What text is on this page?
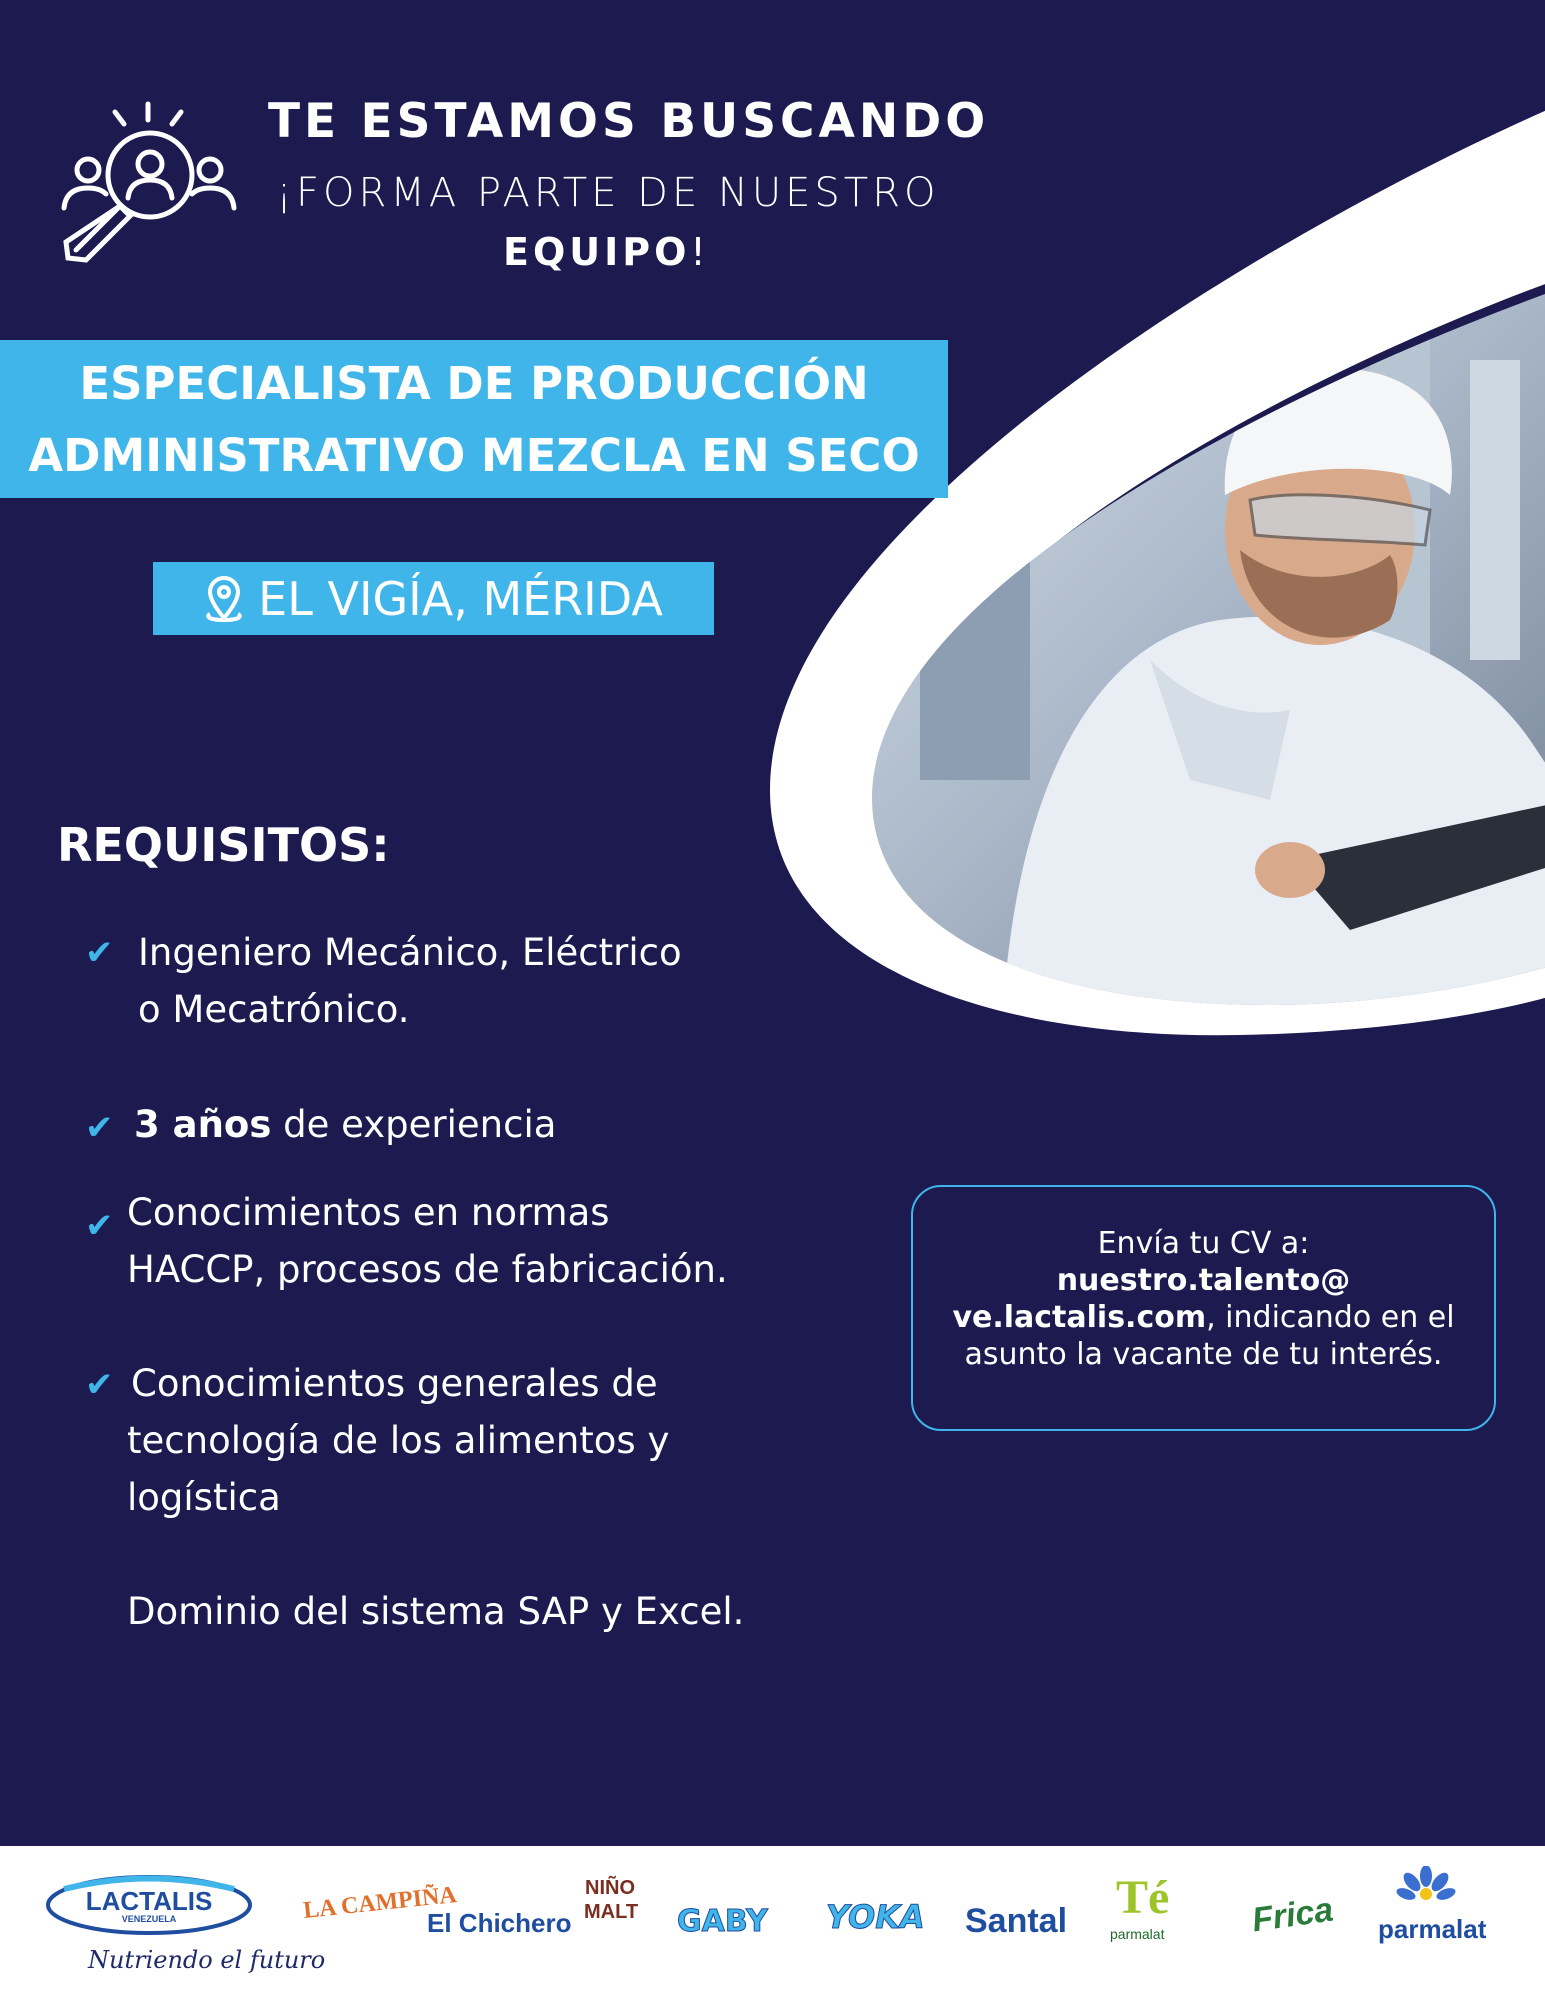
TE ESTAMOS BUSCANDO
¡FORMA PARTE DE NUESTRO
EQUIPO!
ESPECIALISTA DE PRODUCCIÓN
ADMINISTRATIVO MEZCLA EN SECO
EL VIGÍA, MÉRIDA
REQUISITOS:
✔ Ingeniero Mecánico, Eléctrico
o Mecatrónico.
✔ 3 años de experiencia
✔ Conocimientos en normas
HACCP, procesos de fabricación.
✔ Conocimientos generales de
tecnología de los alimentos y
logística
Dominio del sistema SAP y Excel.
Envía tu CV a:
nuestro.talento@
ve.lactalis.com, indicando en el
asunto la vacante de tu interés.
LACTALIS
VENEZUELA
Nutriendo el futuro
LA CAMPIÑA
El Chichero
NIÑO MALT GABY YOKA Santal Té
parmalat	Frica parmalat
